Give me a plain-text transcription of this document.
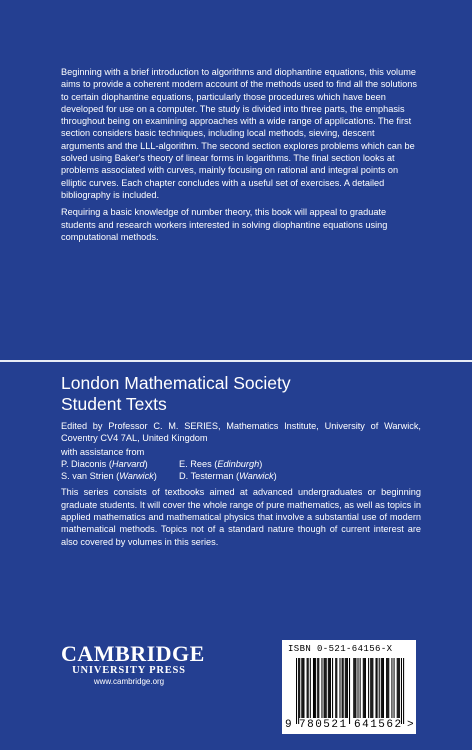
Beginning with a brief introduction to algorithms and diophantine equations, this volume aims to provide a coherent modern account of the methods used to find all the solutions to certain diophantine equations, particularly those procedures which have been developed for use on a computer. The study is divided into three parts, the emphasis throughout being on examining approaches with a wide range of applications. The first section considers basic techniques, including local methods, sieving, descent arguments and the LLL-algorithm. The second section explores problems which can be solved using Baker's theory of linear forms in logarithms. The final section looks at problems associated with curves, mainly focusing on rational and integral points on elliptic curves. Each chapter concludes with a useful set of exercises. A detailed bibliography is included.

Requiring a basic knowledge of number theory, this book will appeal to graduate students and research workers interested in solving diophantine equations using computational methods.

London Mathematical Society
Student Texts

Edited by Professor C. M. SERIES, Mathematics Institute, University of Warwick, Coventry CV4 7AL, United Kingdom

with assistance from

P. Diaconis (Harvard)	E. Rees (Edinburgh)
S. van Strien (Warwick)	D. Testerman (Warwick)

This series consists of textbooks aimed at advanced undergraduates or beginning graduate students. It will cover the whole range of pure mathematics, as well as topics in applied mathematics and mathematical physics that involve a substantial use of modern mathematical methods. Topics not of a standard nature though of current interest are also covered by volumes in this series.

CAMBRIDGE
UNIVERSITY PRESS
www.cambridge.org
ISBN 0-521-64156-X
9 780521 641562 >
